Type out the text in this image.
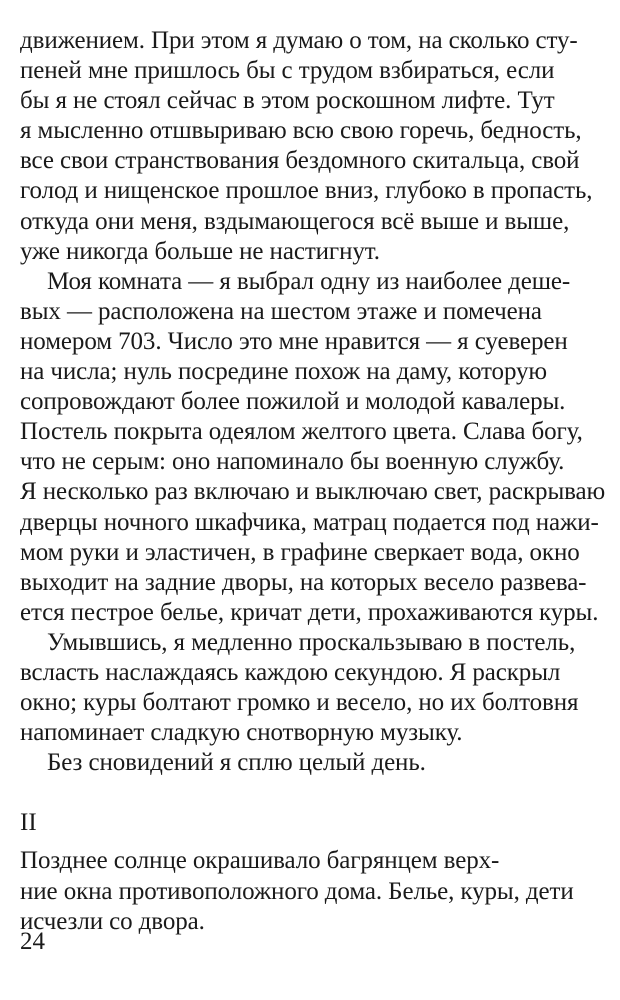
движением. При этом я думаю о том, на сколько сту-
пеней мне пришлось бы с трудом взбираться, если
бы я не стоял сейчас в этом роскошном лифте. Тут
я мысленно отшвыриваю всю свою горечь, бедность,
все свои странствования бездомного скитальца, свой
голод и нищенское прошлое вниз, глубоко в пропасть,
откуда они меня, вздымающегося всё выше и выше,
уже никогда больше не настигнут.
Моя комната — я выбрал одну из наиболее деше-
вых — расположена на шестом этаже и помечена
номером 703. Число это мне нравится — я суеверен
на числа; нуль посредине похож на даму, которую
сопровождают более пожилой и молодой кавалеры.
Постель покрыта одеялом желтого цвета. Слава богу,
что не серым: оно напоминало бы военную службу.
Я несколько раз включаю и выключаю свет, раскрываю
дверцы ночного шкафчика, матрац подается под нажи-
мом руки и эластичен, в графине сверкает вода, окно
выходит на задние дворы, на которых весело развева-
ется пестрое белье, кричат дети, прохаживаются куры.
Умывшись, я медленно проскальзываю в постель,
всласть наслаждаясь каждою секундою. Я раскрыл
окно; куры болтают громко и весело, но их болтовня
напоминает сладкую снотворную музыку.
Без сновидений я сплю целый день.
II
Позднее солнце окрашивало багрянцем верх-
ние окна противоположного дома. Белье, куры, дети
исчезли со двора.
24
